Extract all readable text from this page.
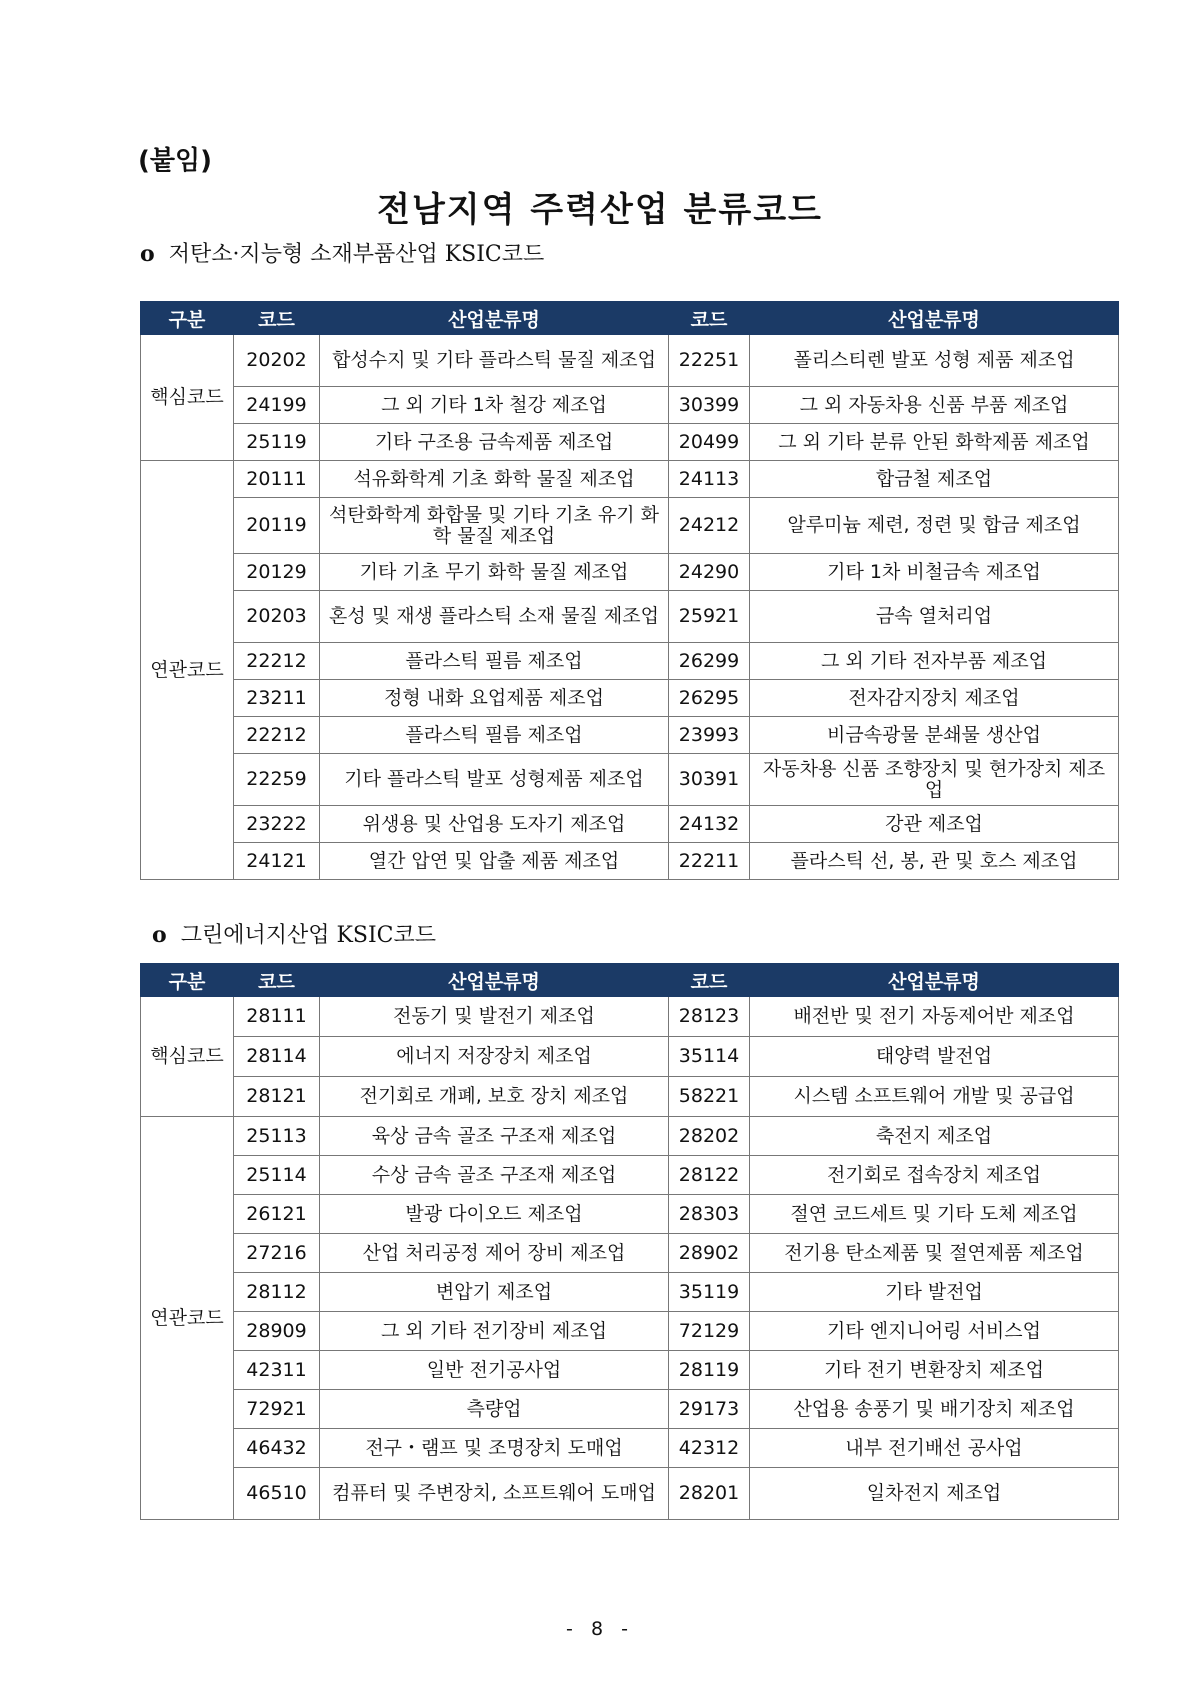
(붙임)
전남지역 주력산업 분류코드
o 저탄소·지능형 소재부품산업 KSIC코드
구분	코드	산업분류명	코드	산업분류명
핵심코드	20202	합성수지 및 기타 플라스틱 물질 제조업	22251	폴리스티렌 발포 성형 제품 제조업
	24199	그 외 기타 1차 철강 제조업	30399	그 외 자동차용 신품 부품 제조업
	25119	기타 구조용 금속제품 제조업	20499	그 외 기타 분류 안된 화학제품 제조업
연관코드	20111	석유화학계 기초 화학 물질 제조업	24113	합금철 제조업
	20119	석탄화학계 화합물 및 기타 기초 유기 화학 물질 제조업	24212	알루미늄 제련, 정련 및 합금 제조업
	20129	기타 기초 무기 화학 물질 제조업	24290	기타 1차 비철금속 제조업
	20203	혼성 및 재생 플라스틱 소재 물질 제조업	25921	금속 열처리업
	22212	플라스틱 필름 제조업	26299	그 외 기타 전자부품 제조업
	23211	정형 내화 요업제품 제조업	26295	전자감지장치 제조업
	22212	플라스틱 필름 제조업	23993	비금속광물 분쇄물 생산업
	22259	기타 플라스틱 발포 성형제품 제조업	30391	자동차용 신품 조향장치 및 현가장치 제조업
	23222	위생용 및 산업용 도자기 제조업	24132	강관 제조업
	24121	열간 압연 및 압출 제품 제조업	22211	플라스틱 선, 봉, 관 및 호스 제조업
o 그린에너지산업 KSIC코드
구분	코드	산업분류명	코드	산업분류명
핵심코드	28111	전동기 및 발전기 제조업	28123	배전반 및 전기 자동제어반 제조업
	28114	에너지 저장장치 제조업	35114	태양력 발전업
	28121	전기회로 개폐, 보호 장치 제조업	58221	시스템 소프트웨어 개발 및 공급업
연관코드	25113	육상 금속 골조 구조재 제조업	28202	축전지 제조업
	25114	수상 금속 골조 구조재 제조업	28122	전기회로 접속장치 제조업
	26121	발광 다이오드 제조업	28303	절연 코드세트 및 기타 도체 제조업
	27216	산업 처리공정 제어 장비 제조업	28902	전기용 탄소제품 및 절연제품 제조업
	28112	변압기 제조업	35119	기타 발전업
	28909	그 외 기타 전기장비 제조업	72129	기타 엔지니어링 서비스업
	42311	일반 전기공사업	28119	기타 전기 변환장치 제조업
	72921	측량업	29173	산업용 송풍기 및 배기장치 제조업
	46432	전구・램프 및 조명장치 도매업	42312	내부 전기배선 공사업
	46510	컴퓨터 및 주변장치, 소프트웨어 도매업	28201	일차전지 제조업
- 8 -
